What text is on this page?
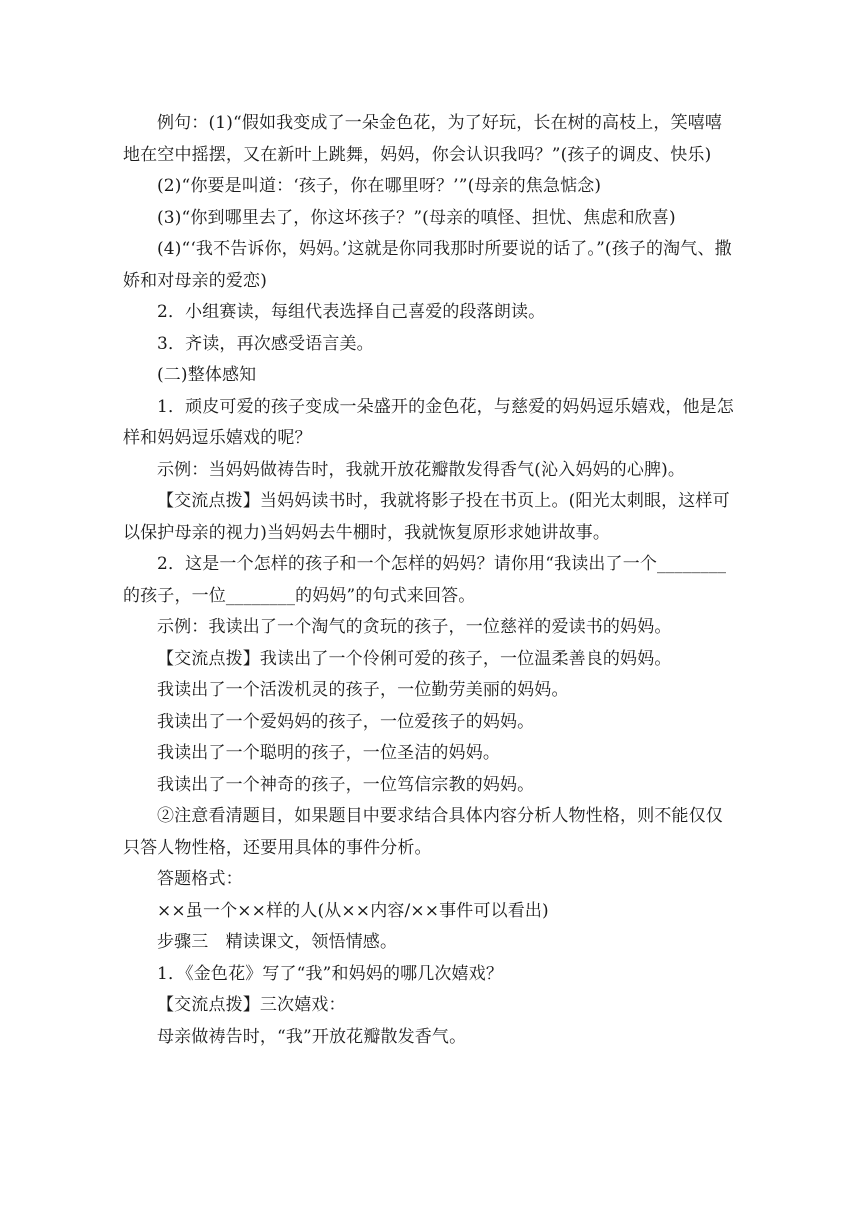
例句：(1)“假如我变成了一朵金色花，为了好玩，长在树的高枝上，笑嘻嘻地在空中摇摆，又在新叶上跳舞，妈妈，你会认识我吗？”(孩子的调皮、快乐)

(2)“你要是叫道：‘孩子，你在哪里呀？’”(母亲的焦急惦念)

(3)“你到哪里去了，你这坏孩子？”(母亲的嗔怪、担忧、焦虑和欣喜)

(4)“‘我不告诉你，妈妈。’这就是你同我那时所要说的话了。”(孩子的淘气、撒娇和对母亲的爱恋)

2．小组赛读，每组代表选择自己喜爱的段落朗读。

3．齐读，再次感受语言美。

(二)整体感知

1．顽皮可爱的孩子变成一朵盛开的金色花，与慈爱的妈妈逗乐嬉戏，他是怎样和妈妈逗乐嬉戏的呢？

示例：当妈妈做祷告时，我就开放花瓣散发得香气(沁入妈妈的心脾)。

【交流点拨】当妈妈读书时，我就将影子投在书页上。(阳光太刺眼，这样可以保护母亲的视力)当妈妈去牛棚时，我就恢复原形求她讲故事。

2．这是一个怎样的孩子和一个怎样的妈妈？请你用“我读出了一个________的孩子，一位________的妈妈”的句式来回答。

示例：我读出了一个淘气的贪玩的孩子，一位慈祥的爱读书的妈妈。

【交流点拨】我读出了一个伶俐可爱的孩子，一位温柔善良的妈妈。

我读出了一个活泼机灵的孩子，一位勤劳美丽的妈妈。

我读出了一个爱妈妈的孩子，一位爱孩子的妈妈。

我读出了一个聪明的孩子，一位圣洁的妈妈。

我读出了一个神奇的孩子，一位笃信宗教的妈妈。

②注意看清题目，如果题目中要求结合具体内容分析人物性格，则不能仅仅只答人物性格，还要用具体的事件分析。

答题格式：

××虽一个××样的人(从××内容/××事件可以看出)

步骤三　精读课文，领悟情感。

1．《金色花》写了“我”和妈妈的哪几次嬉戏？

【交流点拨】三次嬉戏：

母亲做祷告时，“我”开放花瓣散发香气。
